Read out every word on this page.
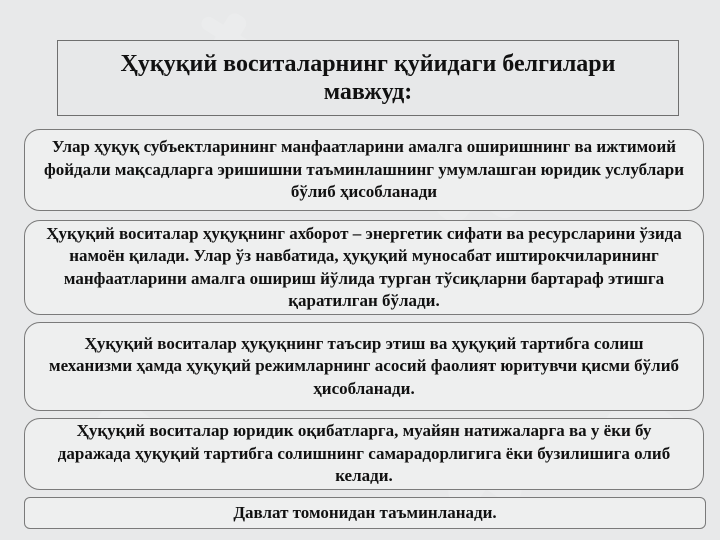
Ҳуқуқий воситаларнинг қуйидаги белгилари мавжуд:
Улар ҳуқуқ субъектларининг манфаатларини амалга оширишнинг ва ижтимоий фойдали мақсадларга эришишни таъминлашнинг умумлашган юридик услублари бўлиб ҳисобланади
Ҳуқуқий воситалар ҳуқуқнинг ахборот – энергетик сифати ва ресурсларини ўзида намоён қилади. Улар ўз навбатида, ҳуқуқий муносабат иштирокчиларининг манфаатларини амалга ошириш йўлида турган тўсиқларни бартараф этишга қаратилган бўлади.
Ҳуқуқий воситалар ҳуқуқнинг таъсир этиш ва ҳуқуқий тартибга солиш механизми ҳамда ҳуқуқий режимларнинг асосий фаолият юритувчи қисми бўлиб ҳисобланади.
Ҳуқуқий воситалар юридик оқибатларга, муайян натижаларга ва у ёки бу даражада ҳуқуқий тартибга солишнинг самарадорлигига ёки бузилишига олиб келади.
Давлат томонидан таъминланади.
